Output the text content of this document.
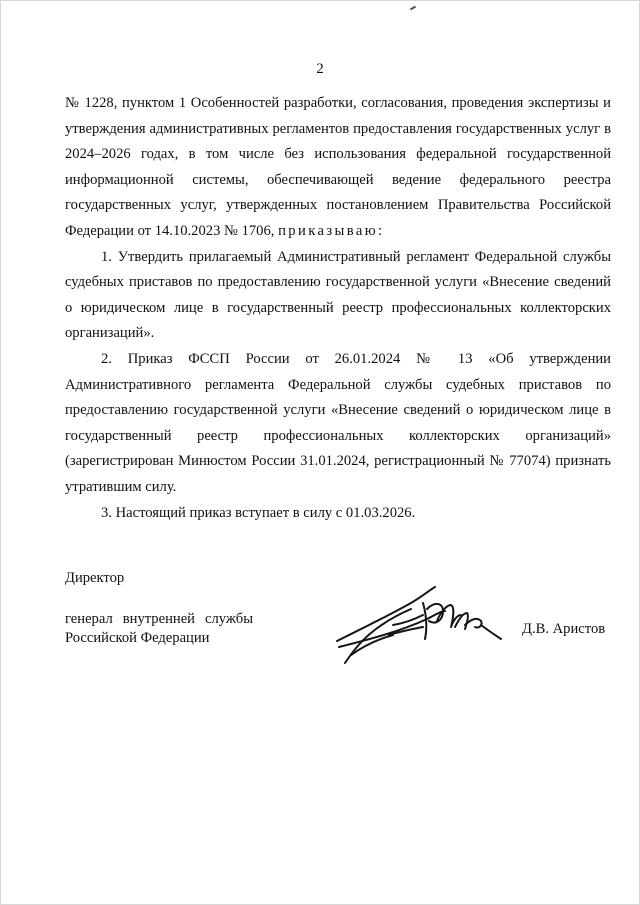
2

№ 1228, пунктом 1 Особенностей разработки, согласования, проведения экспертизы и утверждения административных регламентов предоставления государственных услуг в 2024–2026 годах, в том числе без использования федеральной государственной информационной системы, обеспечивающей ведение федерального реестра государственных услуг, утвержденных постановлением Правительства Российской Федерации от 14.10.2023 № 1706, приказываю:

1. Утвердить прилагаемый Административный регламент Федеральной службы судебных приставов по предоставлению государственной услуги «Внесение сведений о юридическом лице в государственный реестр профессиональных коллекторских организаций».

2. Приказ ФССП России от 26.01.2024 № 13 «Об утверждении Административного регламента Федеральной службы судебных приставов по предоставлению государственной услуги «Внесение сведений о юридическом лице в государственный реестр профессиональных коллекторских организаций» (зарегистрирован Минюстом России 31.01.2024, регистрационный № 77074) признать утратившим силу.

3. Настоящий приказ вступает в силу с 01.03.2026.

Директор

генерал внутренней службы

Российской Федерации

Д.В. Аристов
